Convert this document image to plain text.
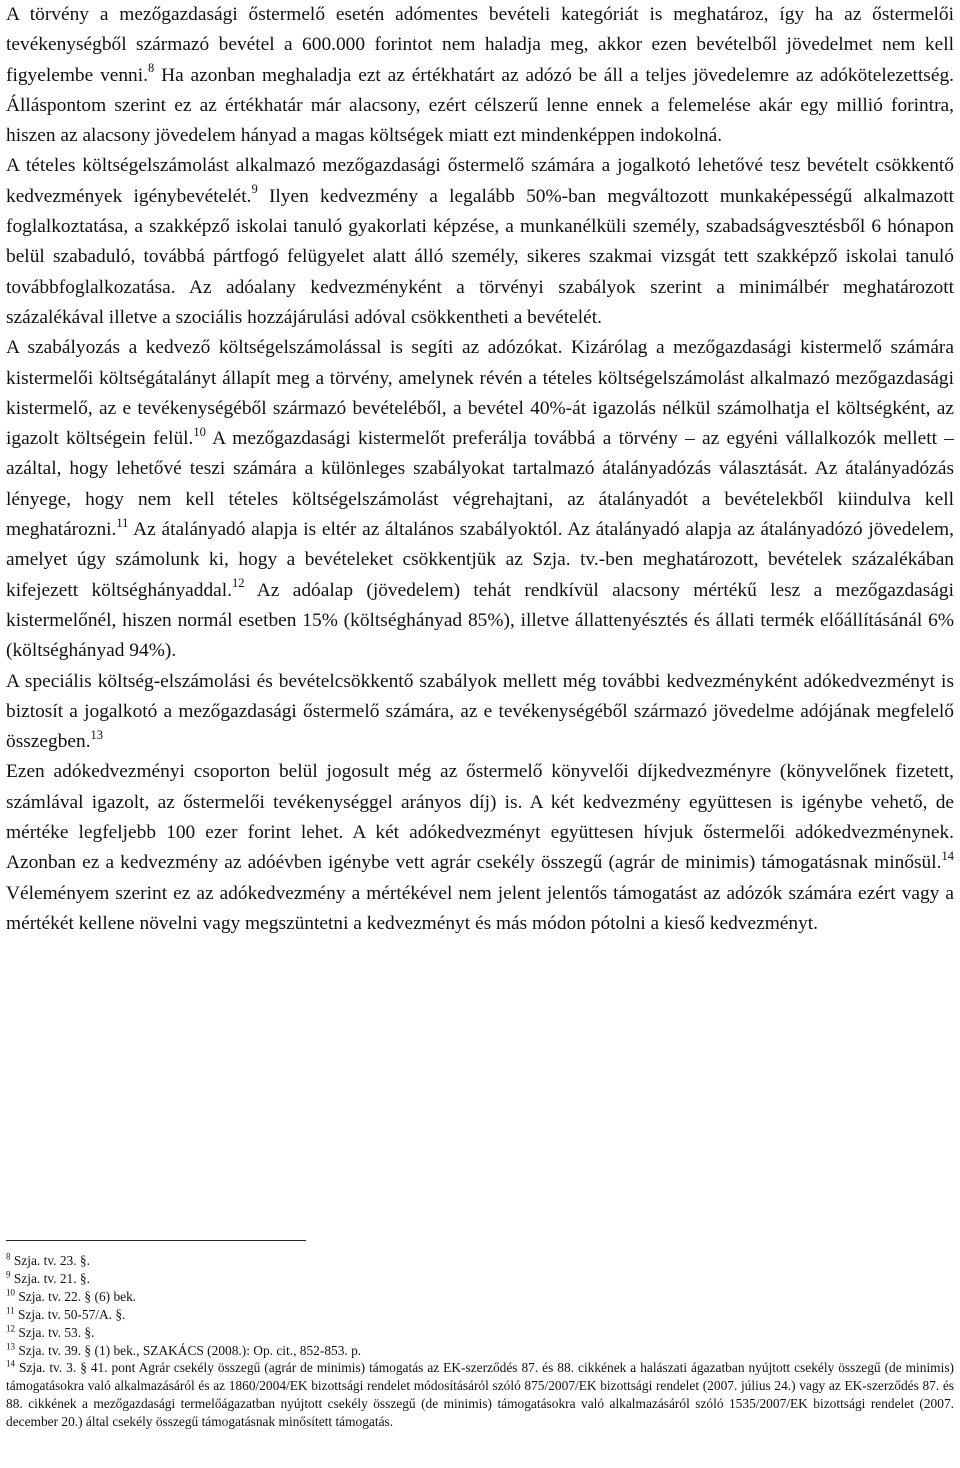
A törvény a mezőgazdasági őstermelő esetén adómentes bevételi kategóriát is meghatároz, így ha az őstermelői tevékenységből származó bevétel a 600.000 forintot nem haladja meg, akkor ezen bevételből jövedelmet nem kell figyelembe venni.$^8$ Ha azonban meghaladja ezt az értékhatárt az adózó be áll a teljes jövedelemre az adókötelezettség. Álláspontom szerint ez az értékhatár már alacsony, ezért célszerű lenne ennek a felemelése akár egy millió forintra, hiszen az alacsony jövedelem hányad a magas költségek miatt ezt mindenképpen indokolná.

A tételes költségelszámolást alkalmazó mezőgazdasági őstermelő számára a jogalkotó lehetővé tesz bevételt csökkentő kedvezmények igénybevételét.$^9$ Ilyen kedvezmény a legalább 50%-ban megváltozott munkaképességű alkalmazott foglalkoztatása, a szakképző iskolai tanuló gyakorlati képzése, a munkanélküli személy, szabadságvesztésből 6 hónapon belül szabaduló, továbbá pártfogó felügyelet alatt álló személy, sikeres szakmai vizsgát tett szakképző iskolai tanuló továbbfoglalkozatása. Az adóalany kedvezményként a törvényi szabályok szerint a minimálbér meghatározott százalékával illetve a szociális hozzájárulási adóval csökkentheti a bevételét.

A szabályozás a kedvező költségelszámolással is segíti az adózókat. Kizárólag a mezőgazdasági kistermelő számára kistermelői költségátalányt állapít meg a törvény, amelynek révén a tételes költségelszámolást alkalmazó mezőgazdasági kistermelő, az e tevékenységéből származó bevételéből, a bevétel 40%-át igazolás nélkül számolhatja el költségként, az igazolt költségein felül.$^{10}$ A mezőgazdasági kistermelőt preferálja továbbá a törvény – az egyéni vállalkozók mellett – azáltal, hogy lehetővé teszi számára a különleges szabályokat tartalmazó átalányadózás választását. Az átalányadózás lényege, hogy nem kell tételes költségelszámolást végrehajtani, az átalányadót a bevételekből kiindulva kell meghatározni.$^{11}$ Az átalányadó alapja is eltér az általános szabályoktól. Az átalányadó alapja az átalányadózó jövedelem, amelyet úgy számolunk ki, hogy a bevételeket csökkentjük az Szja. tv.-ben meghatározott, bevételek százalékában kifejezett költséghányaddal.$^{12}$ Az adóalap (jövedelem) tehát rendkívül alacsony mértékű lesz a mezőgazdasági kistermelőnél, hiszen normál esetben 15% (költséghányad 85%), illetve állattenyésztés és állati termék előállításánál 6% (költséghányad 94%).

A speciális költség-elszámolási és bevételcsökkentő szabályok mellett még további kedvezményként adókedvezményt is biztosít a jogalkotó a mezőgazdasági őstermelő számára, az e tevékenységéből származó jövedelme adójának megfelelő összegben.$^{13}$

Ezen adókedvezményi csoporton belül jogosult még az őstermelő könyvelői díjkedvezményre (könyvelőnek fizetett, számlával igazolt, az őstermelői tevékenységgel arányos díj) is. A két kedvezmény együttesen is igénybe vehető, de mértéke legfeljebb 100 ezer forint lehet. A két adókedvezményt együttesen hívjuk őstermelői adókedvezménynek. Azonban ez a kedvezmény az adóévben igénybe vett agrár csekély összegű (agrár de minimis) támogatásnak minősül.$^{14}$ Véleményem szerint ez az adókedvezmény a mértékével nem jelent jelentős támogatást az adózók számára ezért vagy a mértékét kellene növelni vagy megszüntetni a kedvezményt és más módon pótolni a kieső kedvezményt.

$^8$ Szja. tv. 23. §.

$^9$ Szja. tv. 21. §.

$^{10}$ Szja. tv. 22. § (6) bek.

$^{11}$ Szja. tv. 50-57/A. §.

$^{12}$ Szja. tv. 53. §.

$^{13}$ Szja. tv. 39. § (1) bek., SZAKÁCS (2008.): Op. cit., 852-853. p.

$^{14}$ Szja. tv. 3. § 41. pont Agrár csekély összegű (agrár de minimis) támogatás az EK-szerződés 87. és 88. cikkének a halászati ágazatban nyújtott csekély összegű (de minimis) támogatásokra való alkalmazásáról és az 1860/2004/EK bizottsági rendelet módosításáról szóló 875/2007/EK bizottsági rendelet (2007. július 24.) vagy az EK-szerződés 87. és 88. cikkének a mezőgazdasági termelőágazatban nyújtott csekély összegű (de minimis) támogatásokra való alkalmazásáról szóló 1535/2007/EK bizottsági rendelet (2007. december 20.) által csekély összegű támogatásnak minősített támogatás.
